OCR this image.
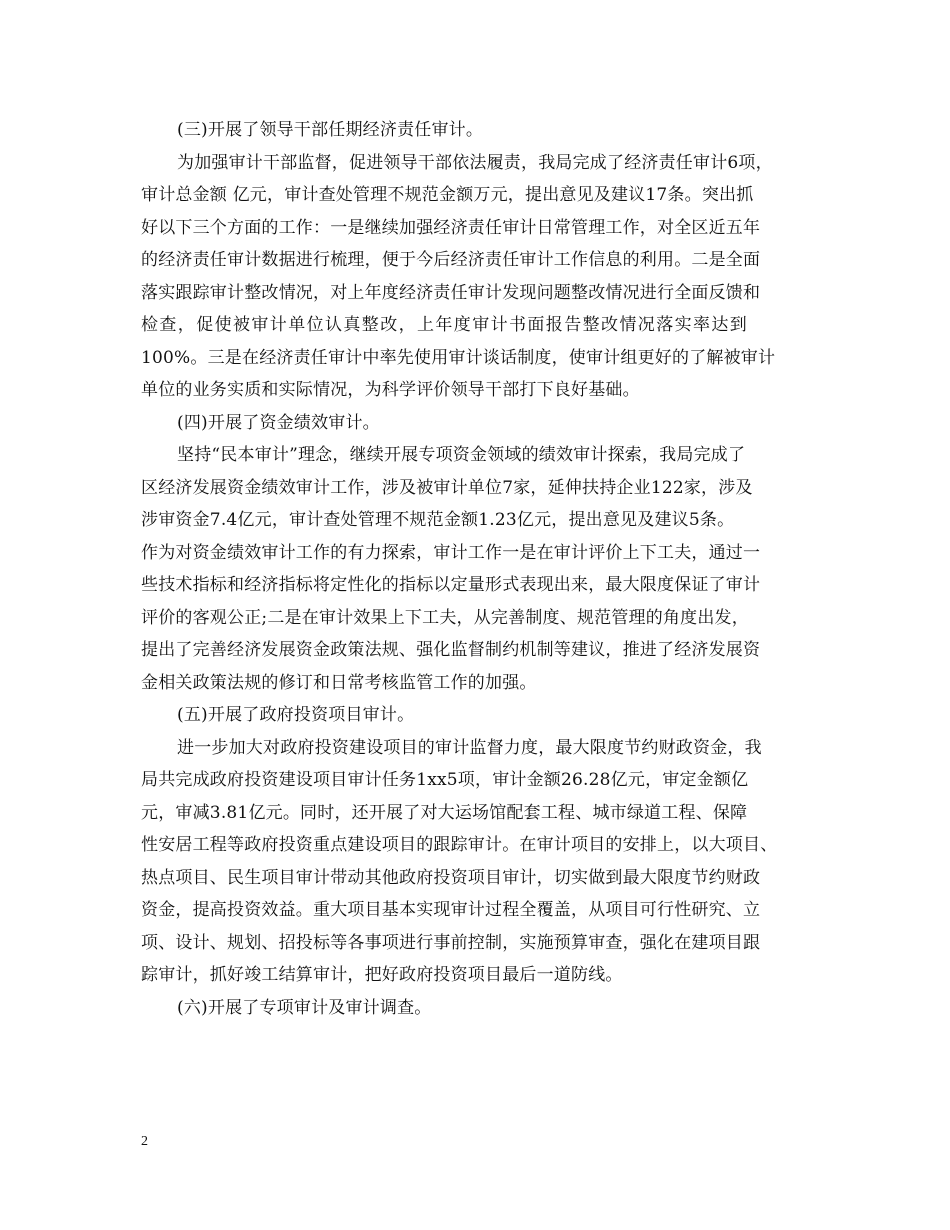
(三)开展了领导干部任期经济责任审计。
为加强审计干部监督，促进领导干部依法履责，我局完成了经济责任审计6项，
审计总金额 亿元，审计查处管理不规范金额万元，提出意见及建议17条。突出抓
好以下三个方面的工作：一是继续加强经济责任审计日常管理工作，对全区近五年
的经济责任审计数据进行梳理，便于今后经济责任审计工作信息的利用。二是全面
落实跟踪审计整改情况，对上年度经济责任审计发现问题整改情况进行全面反馈和
检查，促使被审计单位认真整改，上年度审计书面报告整改情况落实率达到
100%。三是在经济责任审计中率先使用审计谈话制度，使审计组更好的了解被审计
单位的业务实质和实际情况，为科学评价领导干部打下良好基础。
(四)开展了资金绩效审计。
坚持“民本审计”理念，继续开展专项资金领域的绩效审计探索，我局完成了
区经济发展资金绩效审计工作，涉及被审计单位7家，延伸扶持企业122家，涉及
涉审资金7.4亿元，审计查处管理不规范金额1.23亿元，提出意见及建议5条。
作为对资金绩效审计工作的有力探索，审计工作一是在审计评价上下工夫，通过一
些技术指标和经济指标将定性化的指标以定量形式表现出来，最大限度保证了审计
评价的客观公正;二是在审计效果上下工夫，从完善制度、规范管理的角度出发，
提出了完善经济发展资金政策法规、强化监督制约机制等建议，推进了经济发展资
金相关政策法规的修订和日常考核监管工作的加强。
(五)开展了政府投资项目审计。
进一步加大对政府投资建设项目的审计监督力度，最大限度节约财政资金，我
局共完成政府投资建设项目审计任务1xx5项，审计金额26.28亿元，审定金额亿
元，审减3.81亿元。同时，还开展了对大运场馆配套工程、城市绿道工程、保障
性安居工程等政府投资重点建设项目的跟踪审计。在审计项目的安排上，以大项目、
热点项目、民生项目审计带动其他政府投资项目审计，切实做到最大限度节约财政
资金，提高投资效益。重大项目基本实现审计过程全覆盖，从项目可行性研究、立
项、设计、规划、招投标等各事项进行事前控制，实施预算审查，强化在建项目跟
踪审计，抓好竣工结算审计，把好政府投资项目最后一道防线。
(六)开展了专项审计及审计调查。
2
